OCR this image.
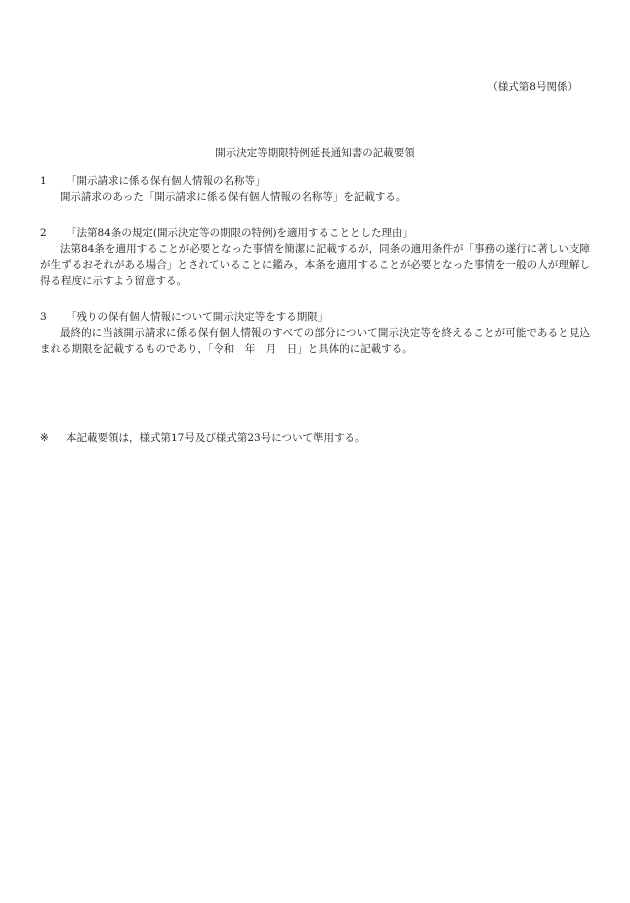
（様式第8号関係）
開示決定等期限特例延長通知書の記載要領
1	「開示請求に係る保有個人情報の名称等」
開示請求のあった「開示請求に係る保有個人情報の名称等」を記載する。
2	「法第84条の規定(開示決定等の期限の特例)を適用することとした理由」
法第84条を適用することが必要となった事情を簡潔に記載するが，同条の適用条件が「事務の遂行に著しい支障が生ずるおそれがある場合」とされていることに鑑み，本条を適用することが必要となった事情を一般の人が理解し得る程度に示すよう留意する。
3	「残りの保有個人情報について開示決定等をする期限」
最終的に当該開示請求に係る保有個人情報のすべての部分について開示決定等を終えることが可能であると見込まれる期限を記載するものであり，「令和　年　月　日」と具体的に記載する。
※	本記載要領は，様式第17号及び様式第23号について準用する。
